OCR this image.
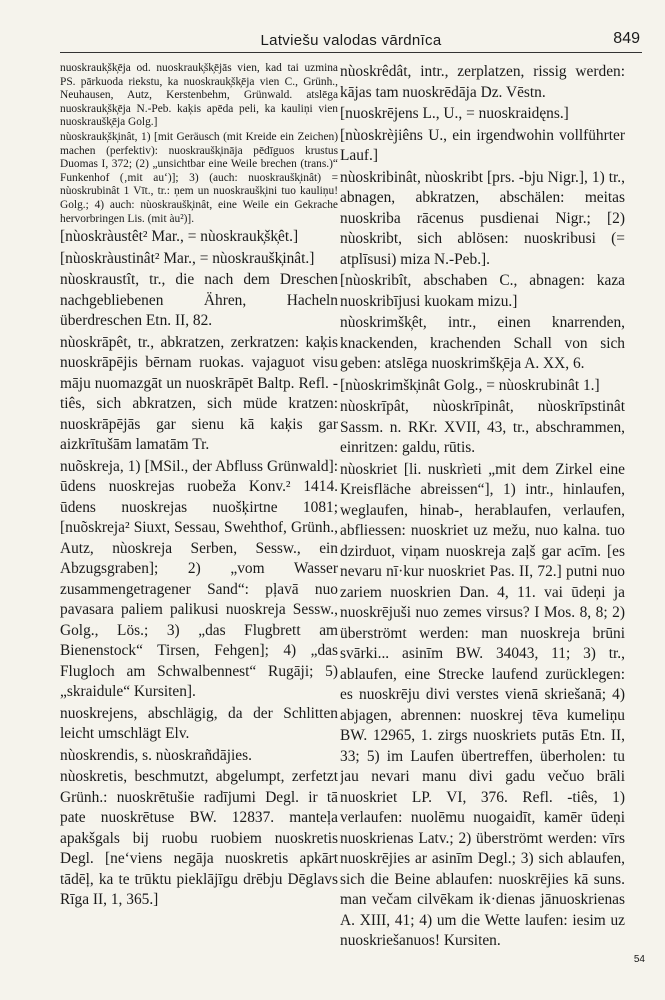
Latviešu valodas vārdnīca	849

nuoskrauk̦šk̦ēja od. nuoskrauk̦šk̦ējās vien, kad tai uzmina PS. pārkuoda riekstu, ka nuoskrauk̦šk̦ēja vien C., Grünh., Neuhausen, Autz, Kerstenbehm, Grünwald. atslēga nuoskrauk̦šk̦ēja N.-Peb. kaķis apēda peli, ka kauliņi vien nuoskraušk̦ēja Golg.]

nùoskrauk̦šk̦inât, 1) [mit Geräusch (mit Kreide ein Zeichen) machen (perfektiv): nuoskraušk̦ināja pēdīguos krustus Duomas I, 372; (2) „unsichtbar eine Weile brechen (trans.)“ Funkenhof (‚mit au‘)]; 3) (auch: nuoskraušk̦inât) = nùoskrubinât 1 Vīt., tr.: ņem un nuoskraušk̦ini tuo kauliņu! Golg.; 4) auch: nùoskraušk̦inât, eine Weile ein Gekrache hervorbringen Lis. (mit àu²)].

[nùoskràustêt² Mar., = nùoskrauk̦šk̦êt.]

[nùoskràustinât² Mar., = nùoskraušk̦inât.]

nùoskraustît, tr., die nach dem Dreschen nachgebliebenen Ähren, Hacheln überdreschen Etn. II, 82.

nùoskrāpêt, tr., abkratzen, zerkratzen: kaķis nuoskrāpējis bērnam ruokas. vajaguot visu māju nuomazgāt un nuoskrāpēt Baltp. Refl. -tiês, sich abkratzen, sich müde kratzen: nuoskrāpējās gar sienu kā kaķis gar aizkrītušām lamatām Tr.

nuõskreja, 1) [MSil., der Abfluss Grünwald]: ūdens nuoskrejas ruobeža Konv.² 1414. ūdens nuoskrejas nuošķirtne 1081; [nuõskreja² Siuxt, Sessau, Swehthof, Grünh., Autz, nùoskreja Serben, Sessw., ein Abzugsgraben]; 2) „vom Wasser zusammengetragener Sand“: pļavā nuo pavasara paliem palikusi nuoskreja Sessw., Golg., Lös.; 3) „das Flugbrett am Bienenstock“ Tirsen, Fehgen]; 4) „das Flugloch am Schwalbennest“ Rugāji; 5) „skraidule“ Kursiten].

nuoskrejens, abschlägig, da der Schlitten leicht umschlägt Elv.

nùoskrendis, s. nùoskrañdājies.

nùoskretis, beschmutzt, abgelumpt, zerfetzt Grünh.: nuoskrētušie radījumi Degl. ir tā pate nuoskrētuse BW. 12837. manteļa apakšgals bij ruobu ruobiem nuoskretis Degl. [ne‘viens negāja nuoskretis apkārt tādēļ, ka te trūktu pieklājīgu drēbju Dēglavs Rīga II, 1, 365.]

nùoskrêdât, intr., zerplatzen, rissig werden: kājas tam nuoskrēdāja Dz. Vēstn.

[nuoskrējens L., U., = nuoskraidęns.]

[nùoskrèjiêns U., ein irgendwohin vollführter Lauf.]

nùoskribinât, nùoskribt [prs. -bju Nigr.], 1) tr., abnagen, abkratzen, abschälen: meitas nuoskriba rācenus pusdienai Nigr.; [2) nùoskribt, sich ablösen: nuoskribusi (= atplīsusi) miza N.-Peb.].

[nùoskribît, abschaben C., abnagen: kaza nuoskribījusi kuokam mizu.]

nùoskrimšk̦êt, intr., einen knarrenden, knackenden, krachenden Schall von sich geben: atslēga nuoskrimšk̦ēja A. XX, 6.

[nùoskrimšk̦inât Golg., = nùoskrubinât 1.]

nùoskrīpât, nùoskrīpinât, nùoskrīpstinât Sassm. n. RKr. XVII, 43, tr., abschrammen, einritzen: galdu, rūtis.

nùoskriet [li. nuskrìeti „mit dem Zirkel eine Kreisfläche abreissen“], 1) intr., hinlaufen, weglaufen, hinab-, herablaufen, verlaufen, abfliessen: nuoskriet uz mežu, nuo kalna. tuo dzirduot, viņam nuoskreja zaļš gar acīm. [es nevaru nī·kur nuoskriet Pas. II, 72.] putni nuo zariem nuoskrien Dan. 4, 11. vai ūdeņi ja nuoskrējuši nuo zemes virsus? I Mos. 8, 8; 2) überströmt werden: man nuoskreja brūni svārki... asinīm BW. 34043, 11; 3) tr., ablaufen, eine Strecke laufend zurücklegen: es nuoskrēju divi verstes vienā skriešanā; 4) abjagen, abrennen: nuoskrej tēva kumeliņu BW. 12965, 1. zirgs nuoskriets putās Etn. II, 33; 5) im Laufen übertreffen, überholen: tu jau nevari manu divi gadu večuo brāli nuoskriet LP. VI, 376. Refl. -tiês, 1) verlaufen: nuolēmu nuogaidīt, kamēr ūdeņi nuoskrienas Latv.; 2) überströmt werden: vīrs nuoskrējies ar asinīm Degl.; 3) sich ablaufen, sich die Beine ablaufen: nuoskrējies kā suns. man večam cilvēkam ik·dienas jānuoskrienas A. XIII, 41; 4) um die Wette laufen: iesim uz nuoskriešanuos! Kursiten.

54
